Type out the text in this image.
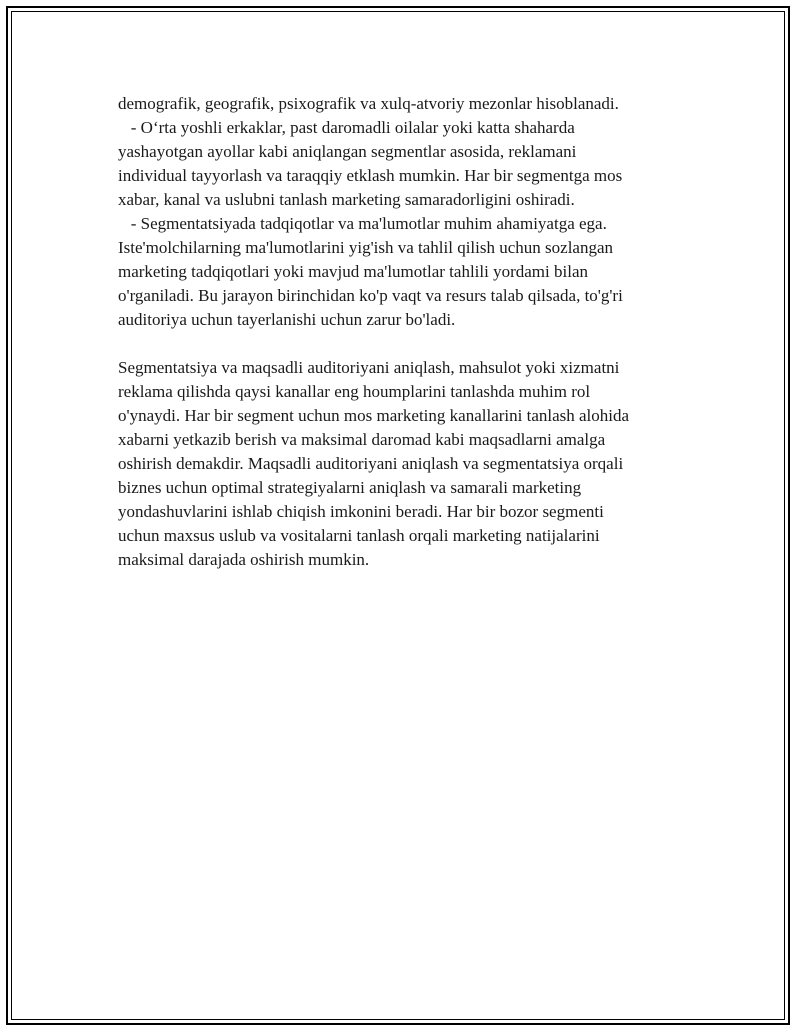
demografik, geografik, psixografik va xulq-atvoriy mezonlar hisoblanadi.
- O‘rta yoshli erkaklar, past daromadli oilalar yoki katta shaharda
yashayotgan ayollar kabi aniqlangan segmentlar asosida, reklamani
individual tayyorlash va taraqqiy etklash mumkin. Har bir segmentga mos
xabar, kanal va uslubni tanlash marketing samaradorligini oshiradi.
- Segmentatsiyada tadqiqotlar va ma'lumotlar muhim ahamiyatga ega.
Iste'molchilarning ma'lumotlarini yig'ish va tahlil qilish uchun sozlangan
marketing tadqiqotlari yoki mavjud ma'lumotlar tahlili yordami bilan
o'rganiladi. Bu jarayon birinchidan ko'p vaqt va resurs talab qilsada, to'g'ri
auditoriya uchun tayerlanishi uchun zarur bo'ladi.
Segmentatsiya va maqsadli auditoriyani aniqlash, mahsulot yoki xizmatni
reklama qilishda qaysi kanallar eng houmplarini tanlashda muhim rol
o'ynaydi. Har bir segment uchun mos marketing kanallarini tanlash alohida
xabarni yetkazib berish va maksimal daromad kabi maqsadlarni amalga
oshirish demakdir. Maqsadli auditoriyani aniqlash va segmentatsiya orqali
biznes uchun optimal strategiyalarni aniqlash va samarali marketing
yondashuvlarini ishlab chiqish imkonini beradi. Har bir bozor segmenti
uchun maxsus uslub va vositalarni tanlash orqali marketing natijalarini
maksimal darajada oshirish mumkin.
